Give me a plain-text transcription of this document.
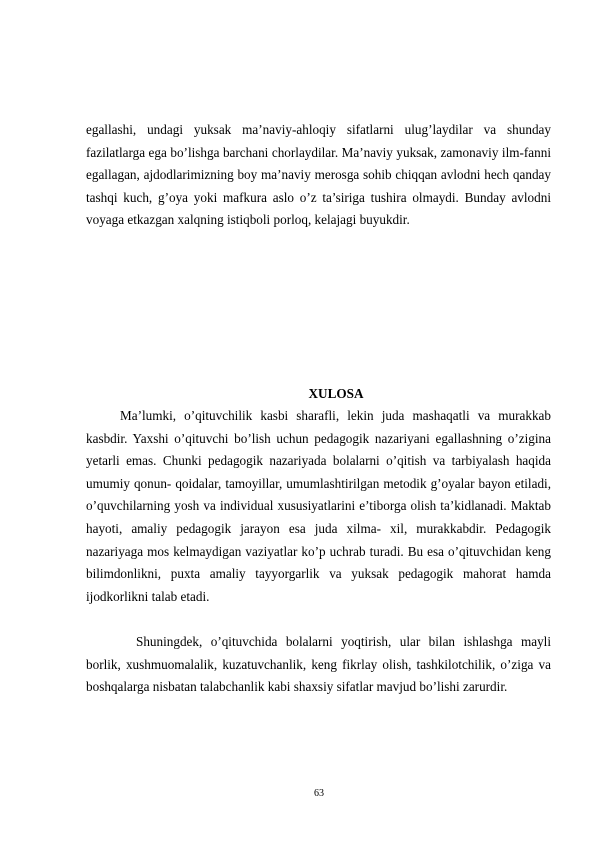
egallashi, undagi yuksak ma’naviy-ahloqiy sifatlarni ulug’laydilar va shunday fazilatlarga ega bo’lishga barchani chorlaydilar. Ma’naviy yuksak, zamonaviy ilm-fanni egallagan, ajdodlarimizning boy ma’naviy merosga sohib chiqqan avlodni hech qanday tashqi kuch, g’oya yoki mafkura aslo o’z ta’siriga tushira olmaydi. Bunday avlodni voyaga etkazgan xalqning istiqboli porloq, kelajagi buyukdir.

XULOSA

Ma’lumki, o’qituvchilik kasbi sharafli, lekin juda mashaqatli va murakkab kasbdir. Yaxshi o’qituvchi bo’lish uchun pedagogik nazariyani egallashning o’zigina yetarli emas. Chunki pedagogik nazariyada bolalarni o’qitish va tarbiyalash haqida umumiy qonun- qoidalar, tamoyillar, umumlashtirilgan metodik g’oyalar bayon etiladi, o’quvchilarning yosh va individual xususiyatlarini e’tiborga olish ta’kidlanadi. Maktab hayoti, amaliy pedagogik jarayon esa juda xilma- xil, murakkabdir. Pedagogik nazariyaga mos kelmaydigan vaziyatlar ko’p uchrab turadi. Bu esa o’qituvchidan keng bilimdonlikni, puxta amaliy tayyorgarlik va yuksak pedagogik mahorat hamda ijodkorlikni talab etadi.

Shuningdek, o’qituvchida bolalarni yoqtirish, ular bilan ishlashga mayli borlik, xushmuomalalik, kuzatuvchanlik, keng fikrlay olish, tashkilotchilik, o’ziga va boshqalarga nisbatan talabchanlik kabi shaxsiy sifatlar mavjud bo’lishi zarurdir.

63
